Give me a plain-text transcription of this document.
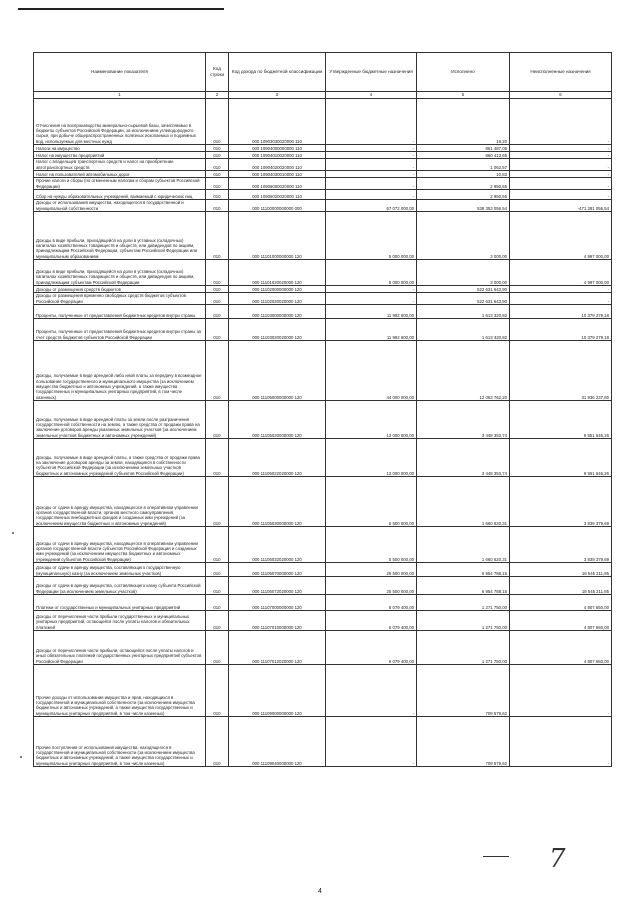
Наименование показателя	Код строки	Код дохода по бюджетной классификации	Утвержденные бюджетные назначения	Исполнено	Неисполненные назначения
1	2	3	4	5	6
Отчисления на воспроизводство минерально-сырьевой базы, зачисляемые в бюджеты субъектов Российской Федерации, за исключением углеводородного сырья, при добыче общераспространенных полезных ископаемых и подземных вод, используемых для местных нужд	010	000 10903030020000 110	-	19,20	-
Налоги на имущество	010	000 10904000000000 110	-	861 487,05	-
Налог на имущество предприятий	010	000 10904010020000 110	-	860 413,65	-
Налог с владельцев транспортных средств и налог на приобретение автотранспортных средств	010	000 10904020020000 110	-	1 062,57	-
Налог на пользователей автомобильных дорог	010	000 10904030010000 110	-	10,83	-
Прочие налоги и сборы (по отмененным налогам и сборам субъектов Российской Федерации)	010	000 10906000020000 110	-	2 950,55	-
Сбор на нужды образовательных учреждений, взимаемый с юридических лиц	010	000 10906020020000 110	-	2 950,55	-
Доходы от использования имущества, находящегося в государственной и муниципальной собственности	010	000 11100000000000 000	67 072 000,00	538 353 056,54	-471 281 056,54
Доходы в виде прибыли, приходящейся на доли в уставных (складочных) капиталах хозяйственных товариществ и обществ, или дивидендов по акциям, принадлежащим Российской Федерации, субъектам Российской Федерации или муниципальным образованиям	010	000 11101000000000 120	5 000 000,00	3 000,00	4 997 000,00
Доходы в виде прибыли, приходящейся на доли в уставных (складочных) капиталах хозяйственных товариществ и обществ, или дивидендов по акциям, принадлежащим субъектам Российской Федерации	010	000 11101020020000 120	5 000 000,00	3 000,00	4 997 000,00
Доходы от размещения средств бюджетов	010	000 11102000000000 120	-	522 631 643,90	-
Доходы от размещения временно свободных средств бюджетов субъектов Российской Федерации	010	000 11102020020000 120	-	522 631 643,90	-
Проценты, полученные от предоставления бюджетных кредитов внутри страны	010	000 11103000000000 120	11 992 600,00	1 613 320,82	10 379 279,18
Проценты, полученные от предоставления бюджетных кредитов внутри страны за счет средств бюджетов субъектов Российской Федерации	010	000 11103020020000 120	11 992 600,00	1 613 320,82	10 379 279,18
Доходы, получаемые в виде арендной либо иной платы за передачу в возмездное пользование государственного и муниципального имущества (за исключением имущества бюджетных и автономных учреждений, а также имущества государственных и муниципальных унитарных предприятий, в том числе казенных)	010	000 11105000000000 120	44 000 000,00	12 063 762,20	31 936 237,80
Доходы, получаемые в виде арендной платы за земли после разграничения государственной собственности на землю, а также средства от продажи права на заключение договоров аренды указанных земельных участков (за исключением земельных участков бюджетных и автономных учреждений)	010	000 11105020000000 120	13 000 000,00	3 448 353,74	9 551 646,26
Доходы, получаемые в виде арендной платы, а также средства от продажи права на заключение договоров аренды за земли, находящиеся в собственности субъектов Российской Федерации (за исключением земельных участков бюджетных и автономных учреждений субъектов Российской Федерации)	010	000 11105022020000 120	13 000 000,00	3 448 353,74	9 551 646,26
Доходы от сдачи в аренду имущества, находящегося в оперативном управлении органов государственной власти, органов местного самоуправления, государственных внебюджетных фондов и созданных ими учреждений (за исключением имущества бюджетных и автономных учреждений)	010	000 11105030000000 120	5 500 000,00	1 660 620,31	3 839 379,69
Доходы от сдачи в аренду имущества, находящегося в оперативном управлении органов государственной власти субъектов Российской Федерации и созданных ими учреждений (за исключением имущества бюджетных и автономных учреждений субъектов Российской Федерации)	010	000 11105032020000 120	5 500 000,00	1 660 620,31	3 839 379,69
Доходы от сдачи в аренду имущества, составляющего государственную (муниципальную) казну (за исключением земельных участков)	010	000 11105070000000 120	25 500 000,00	6 954 788,15	18 545 211,85
Доходы от сдачи в аренду имущества, составляющего казну субъекта Российской Федерации (за исключением земельных участков)	010	000 11105072020000 120	25 500 000,00	6 954 788,15	18 545 211,85
Платежи от государственных и муниципальных унитарных предприятий	010	000 11107000000000 120	6 079 400,00	1 271 750,00	4 807 650,00
Доходы от перечисления части прибыли государственных и муниципальных унитарных предприятий, остающейся после уплаты налогов и обязательных платежей	010	000 11107010000000 120	6 079 400,00	1 271 750,00	4 807 650,00
Доходы от перечисления части прибыли, остающейся после уплаты налогов и иных обязательных платежей государственных унитарных предприятий субъектов Российской Федерации	010	000 11107012020000 120	6 079 400,00	1 271 750,00	4 807 650,00
Прочие доходы от использования имущества и прав, находящихся в государственной и муниципальной собственности (за исключением имущества бюджетных и автономных учреждений, а также имущества государственных и муниципальных унитарных предприятий, в том числе казенных)	010	000 11109000000000 120	-	709 579,62	-
Прочие поступления от использования имущества, находящегося в государственной и муниципальной собственности (за исключением имущества бюджетных и автономных учреждений, а также имущества государственных и муниципальных унитарных предприятий, в том числе казенных)	010	000 11109040000000 120	-	709 579,62	-
7
4
